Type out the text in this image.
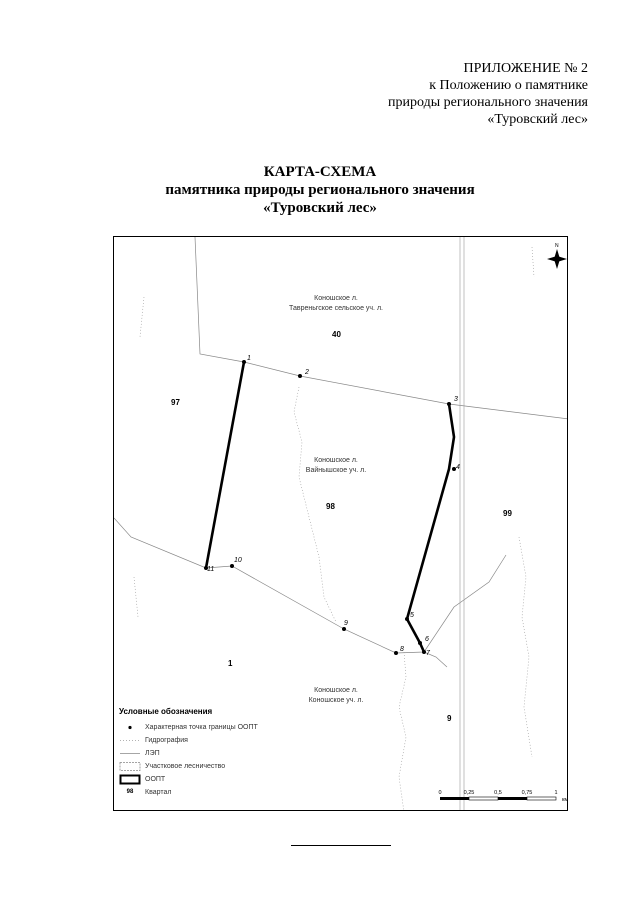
ПРИЛОЖЕНИЕ № 2
к Положению о памятнике
природы регионального значения
«Туровский лес»
КАРТА-СХЕМА
памятника природы регионального значения
«Туровский лес»
1
2
3
4
5
6
7
8
9
10
11
Коношское л.
Тавреньгское сельское уч. л.
Коношское л.
Вайнышское уч. л.
Коношское л.
Коношское уч. л.
40
98
9
97
99
1
N
Условные обозначения
Характерная точка границы ООПТ
Гидрография
ЛЭП
Участковое лесничество
ООПТ
98	Квартал	0	0,25	0,5	0,75	1
км
